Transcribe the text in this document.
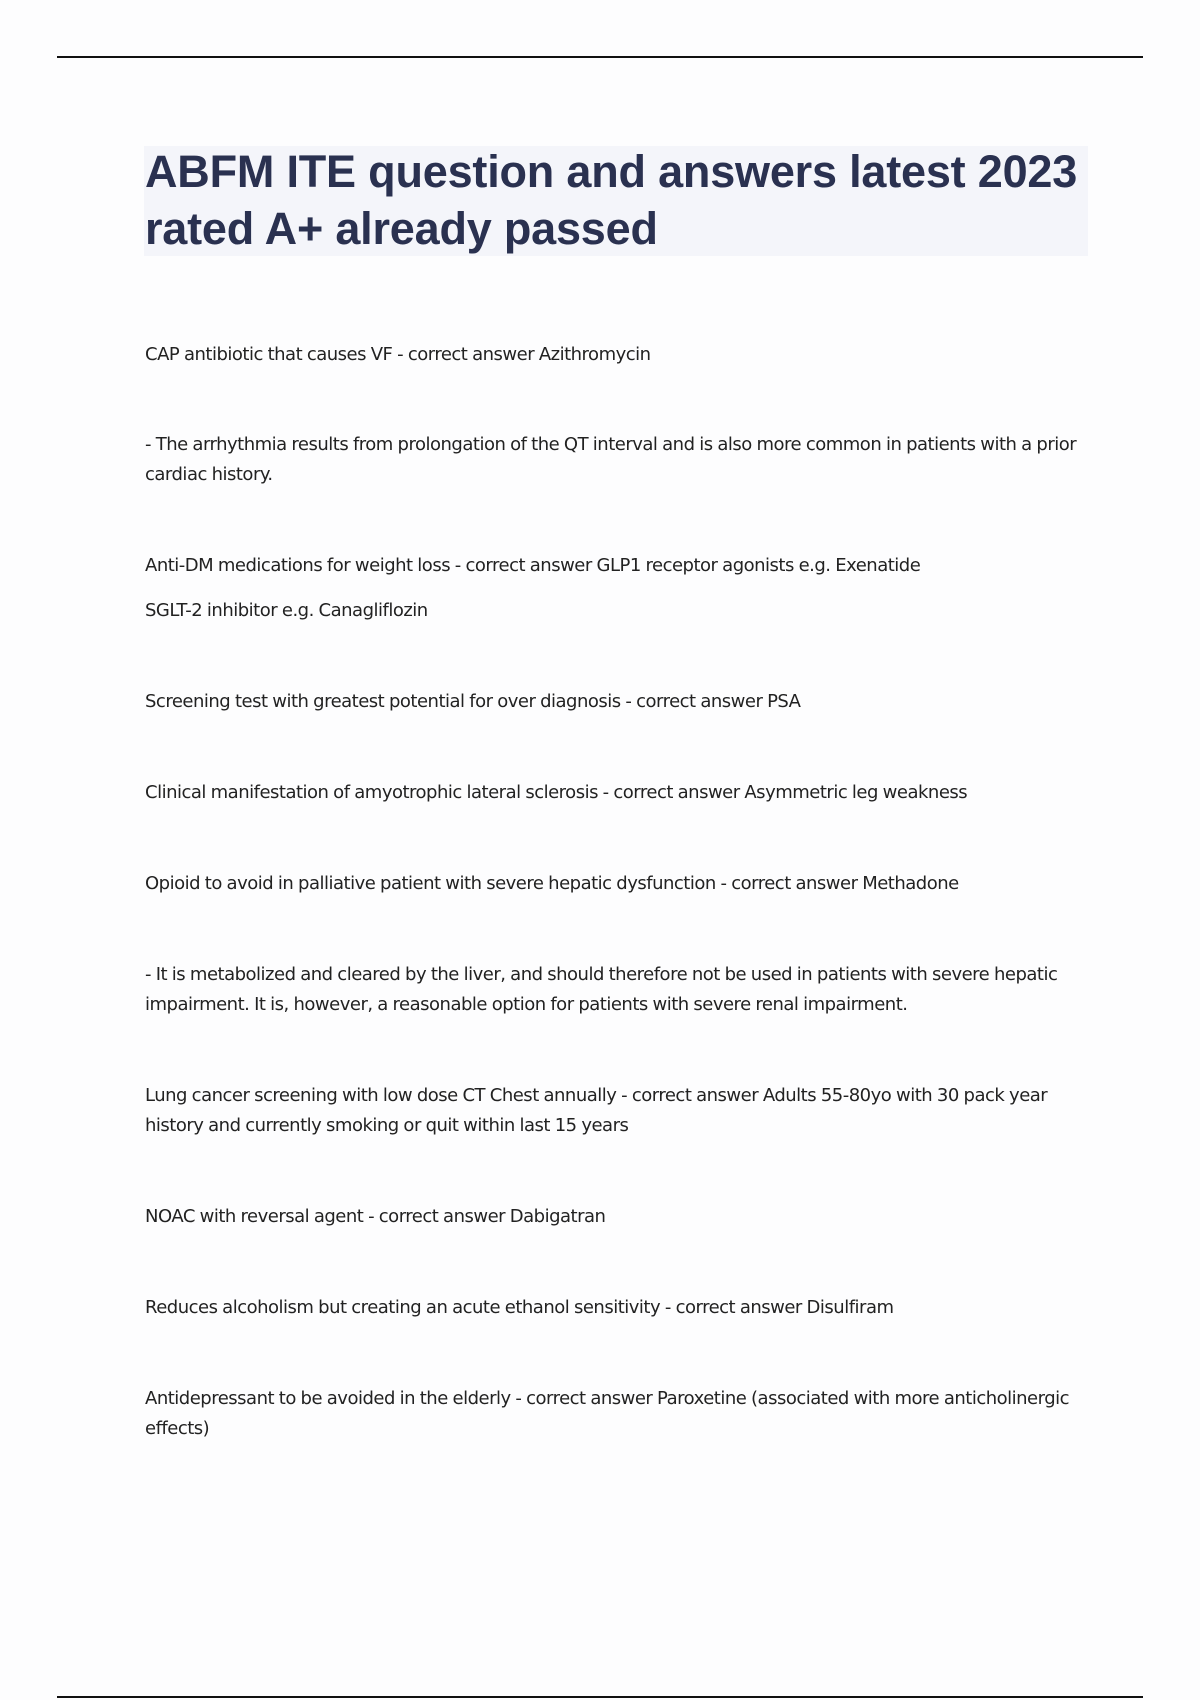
ABFM ITE question and answers latest 2023 rated A+ already passed

CAP antibiotic that causes VF - correct answer Azithromycin

- The arrhythmia results from prolongation of the QT interval and is also more common in patients with a prior cardiac history.

Anti-DM medications for weight loss - correct answer GLP1 receptor agonists e.g. Exenatide

SGLT-2 inhibitor e.g. Canagliflozin

Screening test with greatest potential for over diagnosis - correct answer PSA

Clinical manifestation of amyotrophic lateral sclerosis - correct answer Asymmetric leg weakness

Opioid to avoid in palliative patient with severe hepatic dysfunction - correct answer Methadone

- It is metabolized and cleared by the liver, and should therefore not be used in patients with severe hepatic impairment. It is, however, a reasonable option for patients with severe renal impairment.

Lung cancer screening with low dose CT Chest annually - correct answer Adults 55-80yo with 30 pack year history and currently smoking or quit within last 15 years

NOAC with reversal agent - correct answer Dabigatran

Reduces alcoholism but creating an acute ethanol sensitivity - correct answer Disulfiram

Antidepressant to be avoided in the elderly - correct answer Paroxetine (associated with more anticholinergic effects)
